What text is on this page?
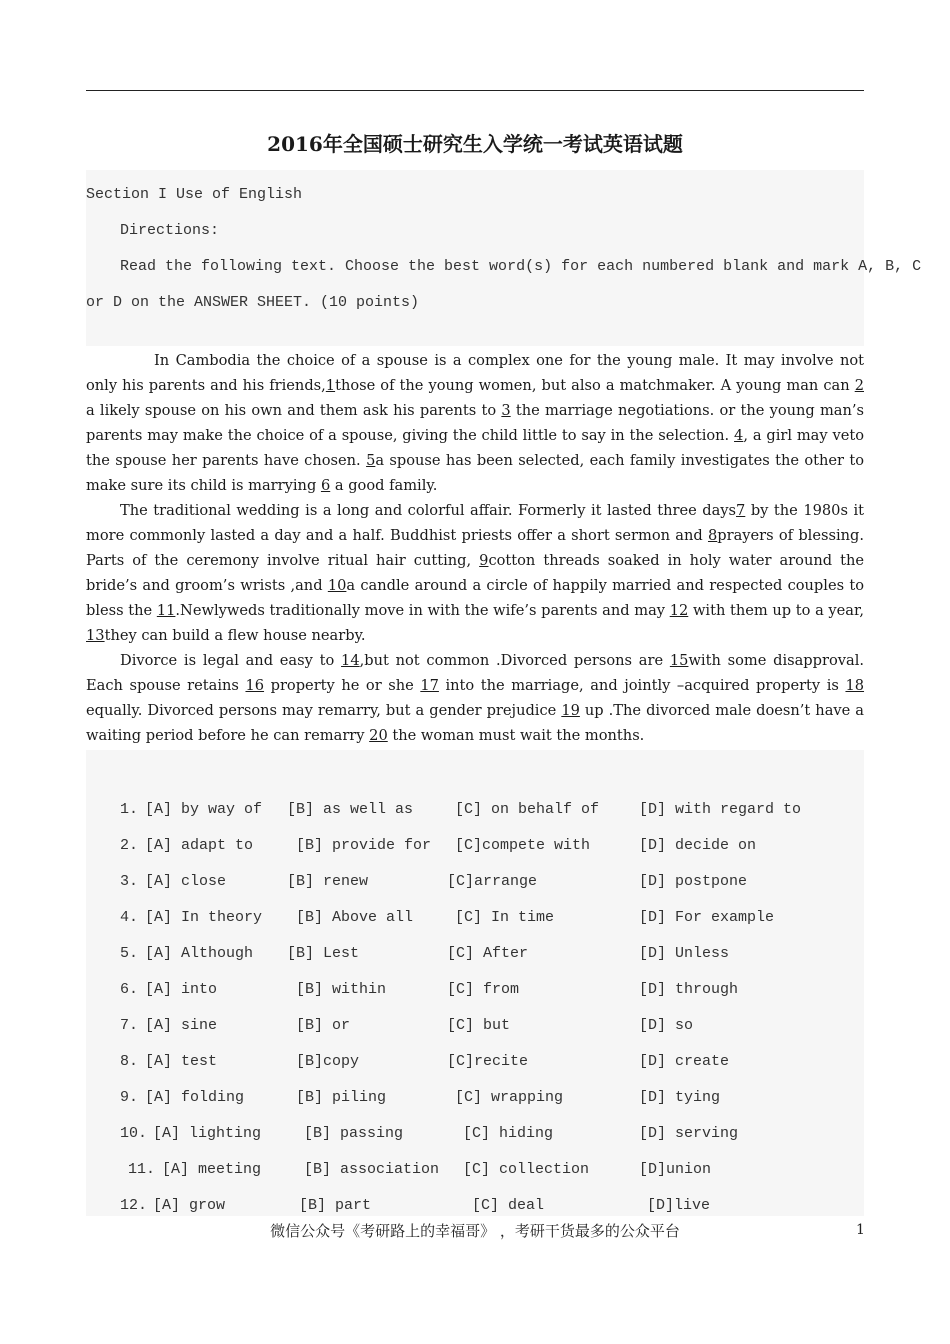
2016年全国硕士研究生入学统一考试英语试题
Section I Use of English
Directions:
Read the following text. Choose the best word(s) for each numbered blank and mark A, B, C
or D on the ANSWER SHEET. (10 points)

In Cambodia the choice of a spouse is a complex one for the young male. It may involve not only his parents and his friends,1those of the young women, but also a matchmaker. A young man can 2 a likely spouse on his own and them ask his parents to 3 the marriage negotiations. or the young man’s parents may make the choice of a spouse, giving the child little to say in the selection. 4, a girl may veto the spouse her parents have chosen. 5a spouse has been selected, each family investigates the other to make sure its child is marrying 6 a good family.

The traditional wedding is a long and colorful affair. Formerly it lasted three days7 by the 1980s it more commonly lasted a day and a half. Buddhist priests offer a short sermon and 8prayers of blessing. Parts of the ceremony involve ritual hair cutting, 9cotton threads soaked in holy water around the bride’s and groom’s wrists ,and 10a candle around a circle of happily married and respected couples to bless the 11.Newlyweds traditionally move in with the wife’s parents and may 12 with them up to a year, 13they can build a flew house nearby.

Divorce is legal and easy to 14,but not common .Divorced persons are 15with some disapproval. Each spouse retains 16 property he or she 17 into the marriage, and jointly –acquired property is 18 equally. Divorced persons may remarry, but a gender prejudice 19 up .The divorced male doesn’t have a waiting period before he can remarry 20 the woman must wait the months.

1. [A] by way of [B] as well as	[C] on behalf of	[D] with regard to
2. [A] adapt to	[B] provide for [C]compete with	[D] decide on
3. [A] close	[B] renew	[C]arrange	[D] postpone
4. [A] In theory [B] Above all	[C] In time	[D] For example
5. [A] Although [B] Lest	[C] After	[D] Unless
6. [A] into	[B] within	[C] from	[D] through
7. [A] sine	[B] or	[C] but	[D] so
8. [A] test	[B]copy	[C]recite	[D] create
9. [A] folding	[B] piling	[C] wrapping	[D] tying
10. [A] lighting	[B] passing	[C] hiding	[D] serving
11. [A] meeting	[B] association [C] collection	[D]union
12. [A] grow	[B] part	[C] deal	[D]live
微信公众号《考研路上的幸福哥》 ，考研干货最多的公众平台	1
